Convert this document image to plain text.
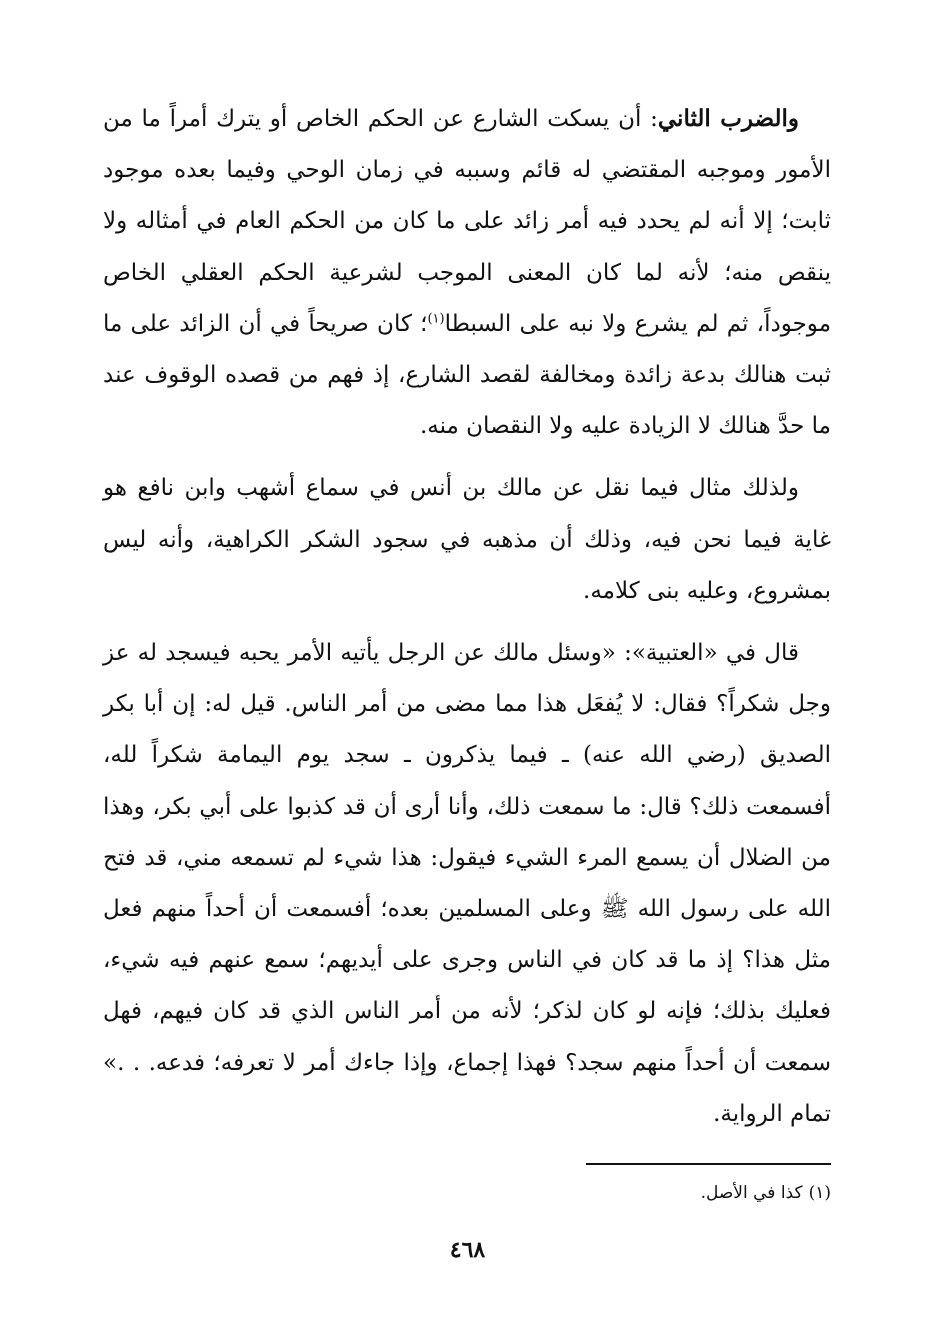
والضرب الثاني: أن يسكت الشارع عن الحكم الخاص أو يترك أمراً ما من الأمور وموجبه المقتضي له قائم وسببه في زمان الوحي وفيما بعده موجود ثابت؛ إلا أنه لم يحدد فيه أمر زائد على ما كان من الحكم العام في أمثاله ولا ينقص منه؛ لأنه لما كان المعنى الموجب لشرعية الحكم العقلي الخاص موجوداً، ثم لم يشرع ولا نبه على السبطا$^{(١)}$؛ كان صريحاً في أن الزائد على ما ثبت هنالك بدعة زائدة ومخالفة لقصد الشارع، إذ فهم من قصده الوقوف عند ما حدَّ هنالك لا الزيادة عليه ولا النقصان منه.

ولذلك مثال فيما نقل عن مالك بن أنس في سماع أشهب وابن نافع هو غاية فيما نحن فيه، وذلك أن مذهبه في سجود الشكر الكراهية، وأنه ليس بمشروع، وعليه بنى كلامه.

قال في «العتبية»: «وسئل مالك عن الرجل يأتيه الأمر يحبه فيسجد له عز وجل شكراً؟ فقال: لا يُفعَل هذا مما مضى من أمر الناس. قيل له: إن أبا بكر الصديق (رضي الله عنه) ـ فيما يذكرون ـ سجد يوم اليمامة شكراً لله، أفسمعت ذلك؟ قال: ما سمعت ذلك، وأنا أرى أن قد كذبوا على أبي بكر، وهذا من الضلال أن يسمع المرء الشيء فيقول: هذا شيء لم تسمعه مني، قد فتح الله على رسول الله ﷺ وعلى المسلمين بعده؛ أفسمعت أن أحداً منهم فعل مثل هذا؟ إذ ما قد كان في الناس وجرى على أيديهم؛ سمع عنهم فيه شيء، فعليك بذلك؛ فإنه لو كان لذكر؛ لأنه من أمر الناس الذي قد كان فيهم، فهل سمعت أن أحداً منهم سجد؟ فهذا إجماع، وإذا جاءك أمر لا تعرفه؛ فدعه. . .» تمام الرواية.

(١)كذا في الأصل.
٤٦٨
